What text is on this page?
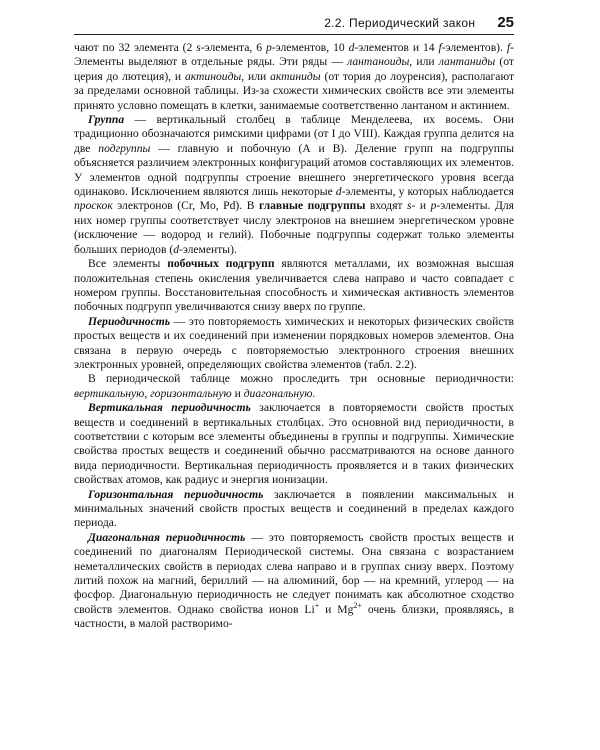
2.2. Периодический закон 25

чают по 32 элемента (2 s-элемента, 6 p-элементов, 10 d-элементов и 14 f-элементов). f-Элементы выделяют в отдельные ряды. Эти ряды — лантаноиды, или лантаниды (от церия до лютеция), и актиноиды, или актиниды (от тория до лоуренсия), располагают за пределами основной таблицы. Из-за схожести химических свойств все эти элементы принято условно помещать в клетки, занимаемые соответственно лантаном и актинием.

Группа — вертикальный столбец в таблице Менделеева, их восемь. Они традиционно обозначаются римскими цифрами (от I до VIII). Каждая группа делится на две подгруппы — главную и побочную (А и В). Деление групп на подгруппы объясняется различием электронных конфигураций атомов составляющих их элементов. У элементов одной подгруппы строение внешнего энергетического уровня всегда одинаково. Исключением являются лишь некоторые d-элементы, у которых наблюдается проскок электронов (Cr, Mo, Pd). В главные подгруппы входят s- и p-элементы. Для них номер группы соответствует числу электронов на внешнем энергетическом уровне (исключение — водород и гелий). Побочные подгруппы содержат только элементы больших периодов (d-элементы).

Все элементы побочных подгрупп являются металлами, их возможная высшая положительная степень окисления увеличивается слева направо и часто совпадает с номером группы. Восстановительная способность и химическая активность элементов побочных подгрупп увеличиваются снизу вверх по группе.

Периодичность — это повторяемость химических и некоторых физических свойств простых веществ и их соединений при изменении порядковых номеров элементов. Она связана в первую очередь с повторяемостью электронного строения внешних электронных уровней, определяющих свойства элементов (табл. 2.2).

В периодической таблице можно проследить три основные периодичности: вертикальную, горизонтальную и диагональную.

Вертикальная периодичность заключается в повторяемости свойств простых веществ и соединений в вертикальных столбцах. Это основной вид периодичности, в соответствии с которым все элементы объединены в группы и подгруппы. Химические свойства простых веществ и соединений обычно рассматриваются на основе данного вида периодичности. Вертикальная периодичность проявляется и в таких физических свойствах атомов, как радиус и энергия ионизации.

Горизонтальная периодичность заключается в появлении максимальных и минимальных значений свойств простых веществ и соединений в пределах каждого периода.

Диагональная периодичность — это повторяемость свойств простых веществ и соединений по диагоналям Периодической системы. Она связана с возрастанием неметаллических свойств в периодах слева направо и в группах снизу вверх. Поэтому литий похож на магний, бериллий — на алюминий, бор — на кремний, углерод — на фосфор. Диагональную периодичность не следует понимать как абсолютное сходство свойств элементов. Однако свойства ионов Li+ и $Mg^{2+}$ очень близки, проявляясь, в частности, в малой растворимо-
